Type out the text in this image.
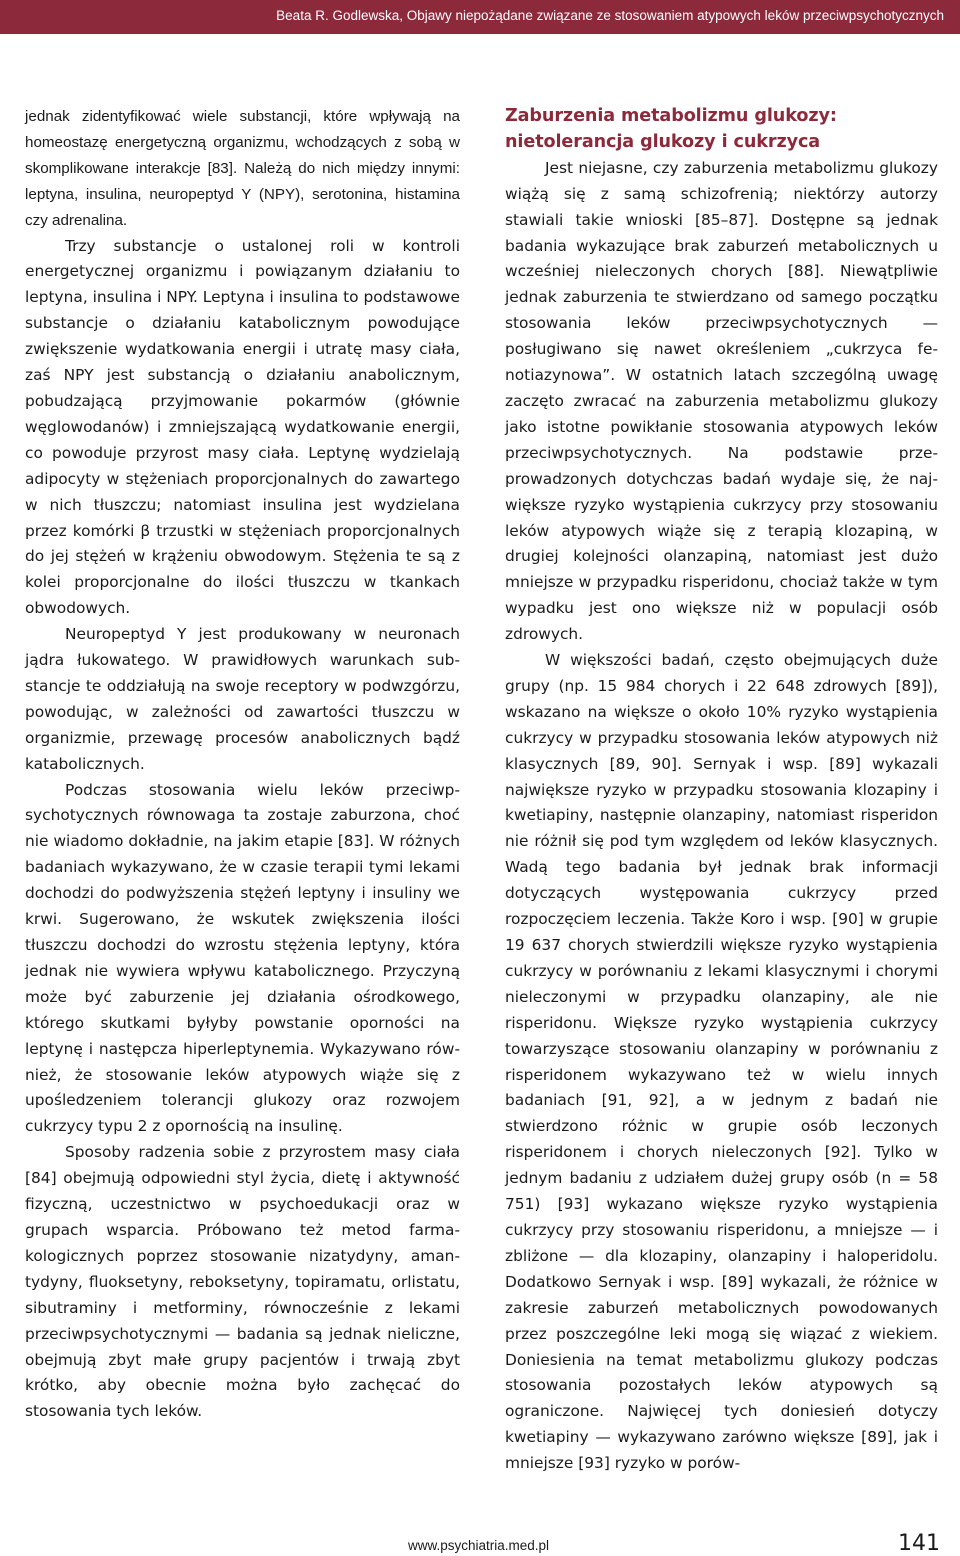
Beata R. Godlewska, Objawy niepożądane związane ze stosowaniem atypowych leków przeciwpsychotycznych

jednak zidentyfikować wiele substancji, które wpływają na homeostazę energetyczną organizmu, wchodzących z sobą w skomplikowane interakcje [83]. Należą do nich między innymi: leptyna, insulina, neuropeptyd Y (NPY), serotonina, histamina czy adrenalina.

Trzy substancje o ustalonej roli w kontroli energetycznej organizmu i powiązanym działaniu to leptyna, insulina i NPY. Leptyna i insulina to podstawowe substancje o działaniu katabolicznym powodujące zwiększenie wydatkowania energii i utratę masy ciała, zaś NPY jest substancją o działaniu anabolicznym, pobudzającą przyjmowanie pokarmów (głównie węglowodanów) i zmniejszającą wydatkowanie energii, co powoduje przyrost masy ciała. Leptynę wydzielają adipocyty w stężeniach proporcjonalnych do zawartego w nich tłuszczu; natomiast insulina jest wydzielana przez komórki β trzustki w stężeniach proporcjonalnych do jej stężeń w krążeniu obwodowym. Stężenia te są z kolei proporcjonalne do ilości tłuszczu w tkankach obwodowych.

Neuropeptyd Y jest produkowany w neuronach jądra łukowatego. W prawidłowych warunkach substancje te oddziałują na swoje receptory w podwzgórzu, powodując, w zależności od zawartości tłuszczu w organizmie, przewagę procesów anabolicznych bądź katabolicznych.

Podczas stosowania wielu leków przeciwpsychotycznych równowaga ta zostaje zaburzona, choć nie wiadomo dokładnie, na jakim etapie [83]. W różnych badaniach wykazywano, że w czasie terapii tymi lekami dochodzi do podwyższenia stężeń leptyny i insuliny we krwi. Sugerowano, że wskutek zwiększenia ilości tłuszczu dochodzi do wzrostu stężenia leptyny, która jednak nie wywiera wpływu katabolicznego. Przyczyną może być zaburzenie jej działania ośrodkowego, którego skutkami byłyby powstanie oporności na leptynę i następcza hiperleptynemia. Wykazywano również, że stosowanie leków atypowych wiąże się z upośledzeniem tolerancji glukozy oraz rozwojem cukrzycy typu 2 z opornością na insulinę.

Sposoby radzenia sobie z przyrostem masy ciała [84] obejmują odpowiedni styl życia, dietę i aktywność fizyczną, uczestnictwo w psychoedukacji oraz w grupach wsparcia. Próbowano też metod farmakologicznych poprzez stosowanie nizatydyny, amantydyny, fluoksetyny, reboksetyny, topiramatu, orlistatu, sibutraminy i metforminy, równocześnie z lekami przeciwpsychotycznymi — badania są jednak nieliczne, obejmują zbyt małe grupy pacjentów i trwają zbyt krótko, aby obecnie można było zachęcać do stosowania tych leków.

Zaburzenia metabolizmu glukozy: nietolerancja glukozy i cukrzyca

Jest niejasne, czy zaburzenia metabolizmu glukozy wiążą się z samą schizofrenią; niektórzy autorzy stawiali takie wnioski [85–87]. Dostępne są jednak badania wykazujące brak zaburzeń metabolicznych u wcześniej nieleczonych chorych [88]. Niewątpliwie jednak zaburzenia te stwierdzano od samego początku stosowania leków przeciwpsychotycznych — posługiwano się nawet określeniem „cukrzyca fenotiazynowa”. W ostatnich latach szczególną uwagę zaczęto zwracać na zaburzenia metabolizmu glukozy jako istotne powikłanie stosowania atypowych leków przeciwpsychotycznych. Na podstawie przeprowadzonych dotychczas badań wydaje się, że największe ryzyko wystąpienia cukrzycy przy stosowaniu leków atypowych wiąże się z terapią klozapiną, w drugiej kolejności olanzapiną, natomiast jest dużo mniejsze w przypadku risperidonu, chociaż także w tym wypadku jest ono większe niż w populacji osób zdrowych.

W większości badań, często obejmujących duże grupy (np. 15 984 chorych i 22 648 zdrowych [89]), wskazano na większe o około 10% ryzyko wystąpienia cukrzycy w przypadku stosowania leków atypowych niż klasycznych [89, 90]. Sernyak i wsp. [89] wykazali największe ryzyko w przypadku stosowania klozapiny i kwetiapiny, następnie olanzapiny, natomiast risperidon nie różnił się pod tym względem od leków klasycznych. Wadą tego badania był jednak brak informacji dotyczących występowania cukrzycy przed rozpoczęciem leczenia. Także Koro i wsp. [90] w grupie 19 637 chorych stwierdzili większe ryzyko wystąpienia cukrzycy w porównaniu z lekami klasycznymi i chorymi nieleczonymi w przypadku olanzapiny, ale nie risperidonu. Większe ryzyko wystąpienia cukrzycy towarzyszące stosowaniu olanzapiny w porównaniu z risperidonem wykazywano też w wielu innych badaniach [91, 92], a w jednym z badań nie stwierdzono różnic w grupie osób leczonych risperidonem i chorych nieleczonych [92]. Tylko w jednym badaniu z udziałem dużej grupy osób (n = 58 751) [93] wykazano większe ryzyko wystąpienia cukrzycy przy stosowaniu risperidonu, a mniejsze — i zbliżone — dla klozapiny, olanzapiny i haloperidolu. Dodatkowo Sernyak i wsp. [89] wykazali, że różnice w zakresie zaburzeń metabolicznych powodowanych przez poszczególne leki mogą się wiązać z wiekiem. Doniesienia na temat metabolizmu glukozy podczas stosowania pozostałych leków atypowych są ograniczone. Najwięcej tych doniesień dotyczy kwetiapiny — wykazywano zarówno większe [89], jak i mniejsze [93] ryzyko w porów-

www.psychiatria.med.pl	141
